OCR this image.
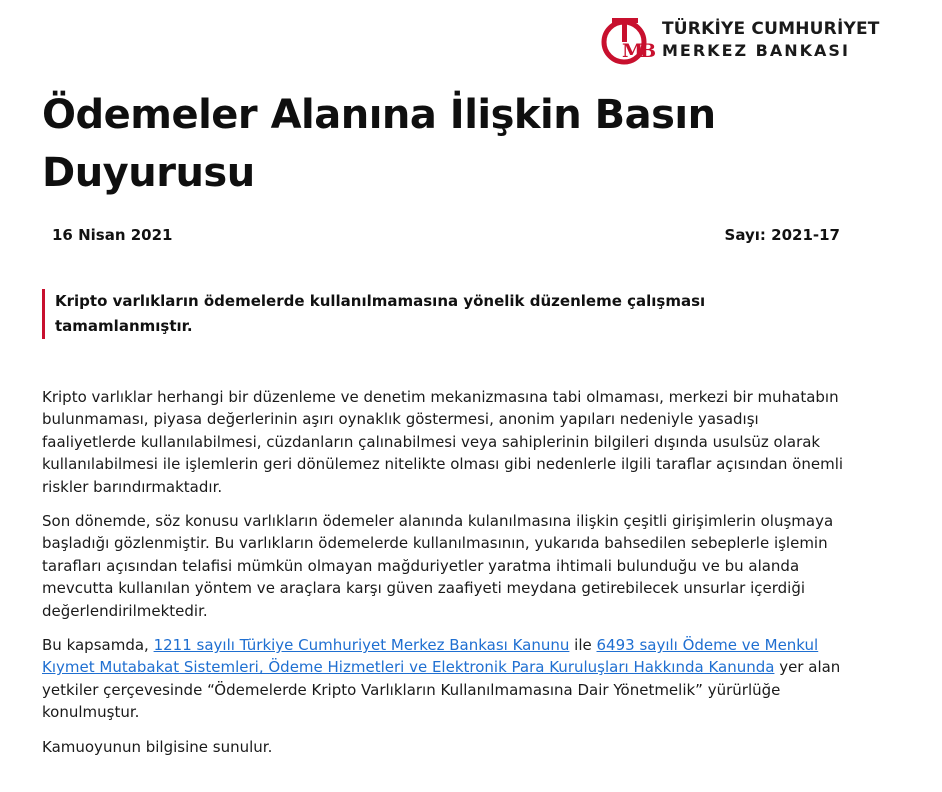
M
B
TÜRKİYE CUMHURİYET
MERKEZ BANKASI
Ödemeler Alanına İlişkin Basın Duyurusu
16 Nisan 2021	Sayı: 2021-17
Kripto varlıkların ödemelerde kullanılmamasına yönelik düzenleme çalışması tamamlanmıştır.

Kripto varlıklar herhangi bir düzenleme ve denetim mekanizmasına tabi olmaması, merkezi bir muhatabın bulunmaması, piyasa değerlerinin aşırı oynaklık göstermesi, anonim yapıları nedeniyle yasadışı faaliyetlerde kullanılabilmesi, cüzdanların çalınabilmesi veya sahiplerinin bilgileri dışında usulsüz olarak kullanılabilmesi ile işlemlerin geri dönülemez nitelikte olması gibi nedenlerle ilgili taraflar açısından önemli riskler barındırmaktadır.

Son dönemde, söz konusu varlıkların ödemeler alanında kulanılmasına ilişkin çeşitli girişimlerin oluşmaya başladığı gözlenmiştir. Bu varlıkların ödemelerde kullanılmasının, yukarıda bahsedilen sebeplerle işlemin tarafları açısından telafisi mümkün olmayan mağduriyetler yaratma ihtimali bulunduğu ve bu alanda mevcutta kullanılan yöntem ve araçlara karşı güven zaafiyeti meydana getirebilecek unsurlar içerdiği değerlendirilmektedir.

Bu kapsamda, 1211 sayılı Türkiye Cumhuriyet Merkez Bankası Kanunu ile 6493 sayılı Ödeme ve Menkul Kıymet Mutabakat Sistemleri, Ödeme Hizmetleri ve Elektronik Para Kuruluşları Hakkında Kanunda yer alan yetkiler çerçevesinde “Ödemelerde Kripto Varlıkların Kullanılmamasına Dair Yönetmelik” yürürlüğe konulmuştur.

Kamuoyunun bilgisine sunulur.
